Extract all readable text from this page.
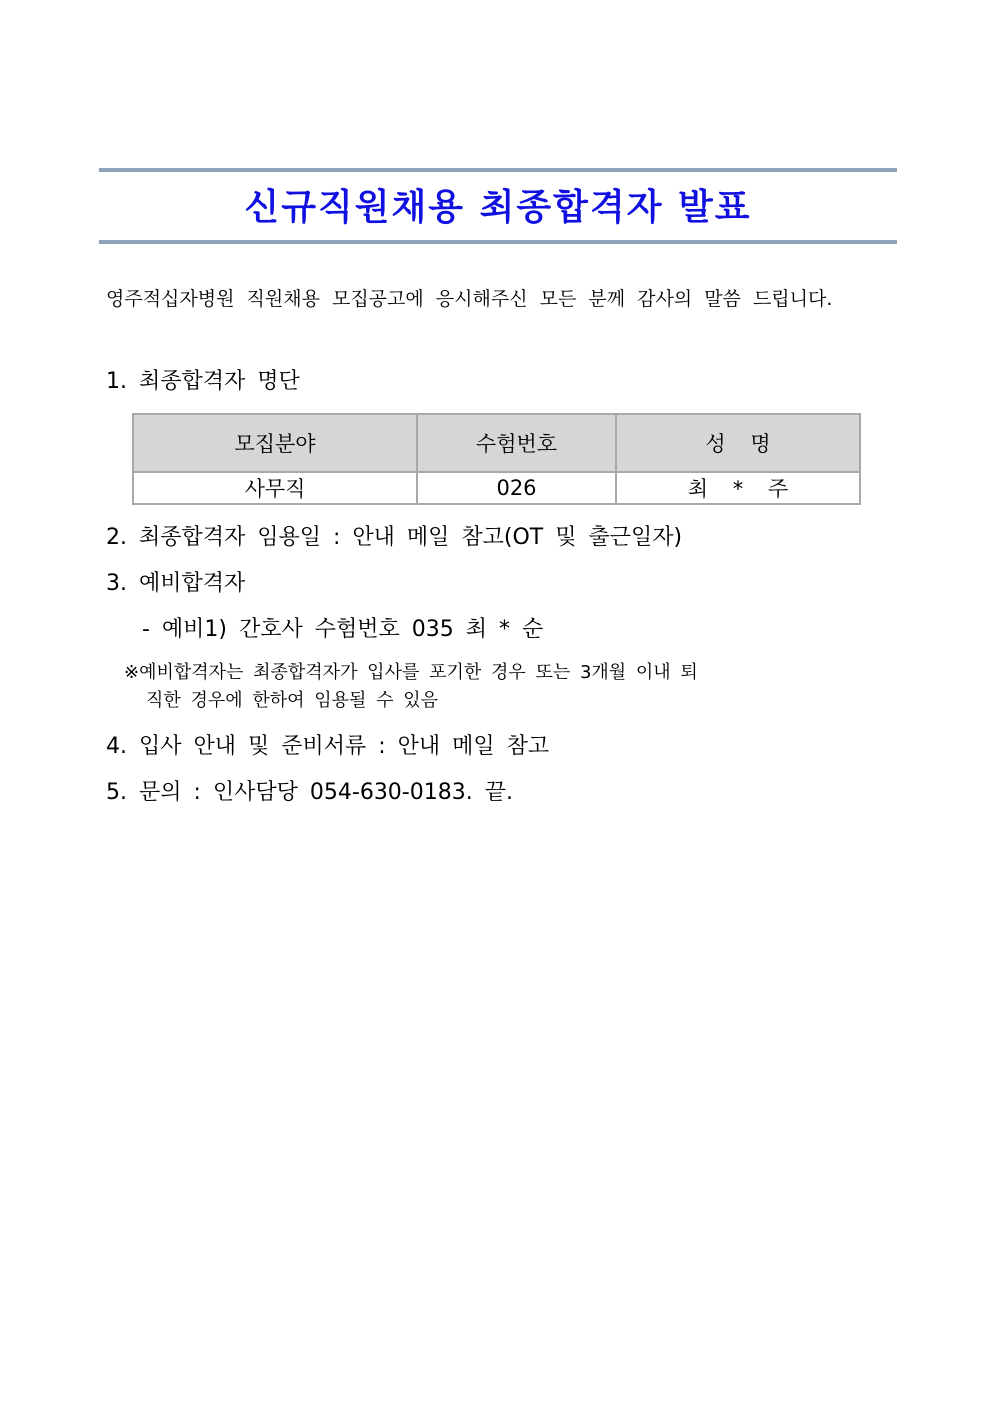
신규직원채용 최종합격자 발표
영주적십자병원 직원채용 모집공고에 응시해주신 모든 분께 감사의 말씀 드립니다.
1. 최종합격자 명단
모집분야	수험번호	성 명
사무직	026	최 * 주
2. 최종합격자 임용일 : 안내 메일 참고(OT 및 출근일자)
3. 예비합격자
- 예비1) 간호사 수험번호 035 최 * 순
※예비합격자는 최종합격자가 입사를 포기한 경우 또는 3개월 이내 퇴
직한 경우에 한하여 임용될 수 있음
4. 입사 안내 및 준비서류 : 안내 메일 참고
5. 문의 : 인사담당 054-630-0183. 끝.
